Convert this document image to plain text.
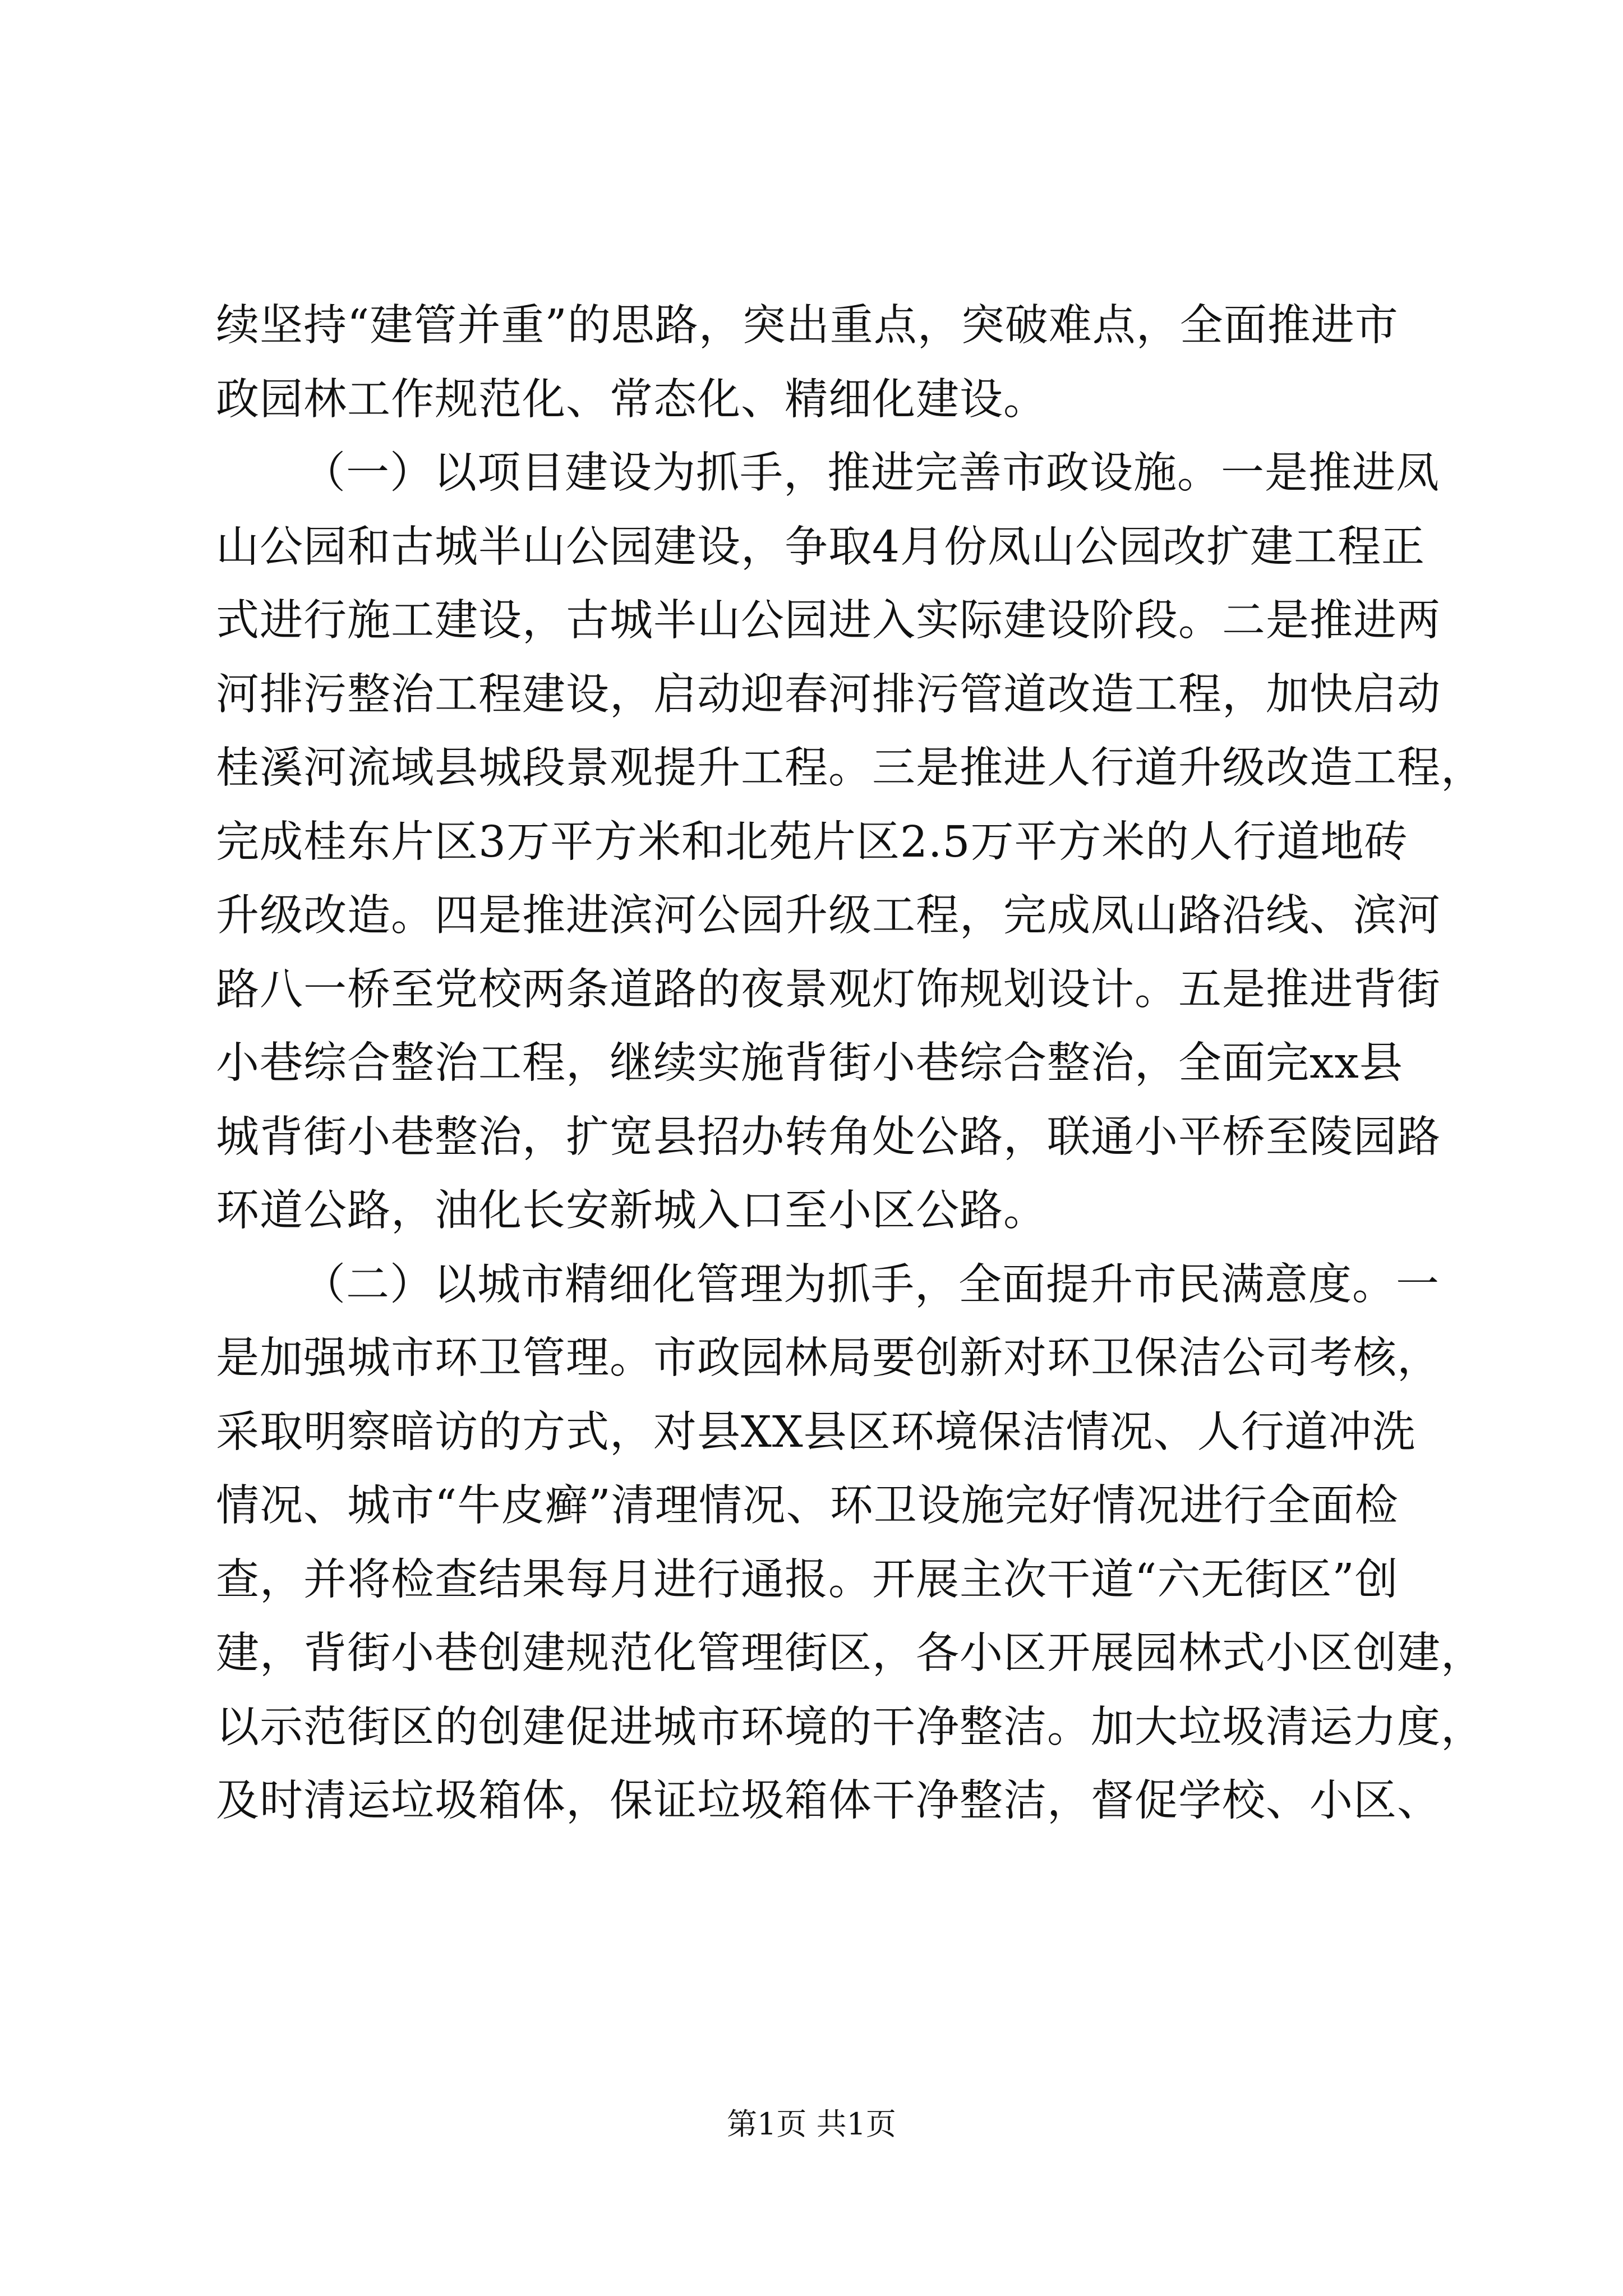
续坚持“建管并重”的思路，突出重点，突破难点，全面推进市
政园林工作规范化、常态化、精细化建设。

（一）以项目建设为抓手，推进完善市政设施。一是推进凤
山公园和古城半山公园建设，争取4月份凤山公园改扩建工程正
式进行施工建设，古城半山公园进入实际建设阶段。二是推进两
河排污整治工程建设，启动迎春河排污管道改造工程，加快启动
桂溪河流域县城段景观提升工程。三是推进人行道升级改造工程，
完成桂东片区3万平方米和北苑片区2.5万平方米的人行道地砖
升级改造。四是推进滨河公园升级工程，完成凤山路沿线、滨河
路八一桥至党校两条道路的夜景观灯饰规划设计。五是推进背街
小巷综合整治工程，继续实施背街小巷综合整治，全面完xx县
城背街小巷整治，扩宽县招办转角处公路，联通小平桥至陵园路
环道公路，油化长安新城入口至小区公路。

（二）以城市精细化管理为抓手，全面提升市民满意度。一
是加强城市环卫管理。市政园林局要创新对环卫保洁公司考核，
采取明察暗访的方式，对县XX县区环境保洁情况、人行道冲洗
情况、城市“牛皮癣”清理情况、环卫设施完好情况进行全面检
查，并将检查结果每月进行通报。开展主次干道“六无街区”创
建，背街小巷创建规范化管理街区，各小区开展园林式小区创建，
以示范街区的创建促进城市环境的干净整洁。加大垃圾清运力度，
及时清运垃圾箱体，保证垃圾箱体干净整洁，督促学校、小区、

第1页 共1页
